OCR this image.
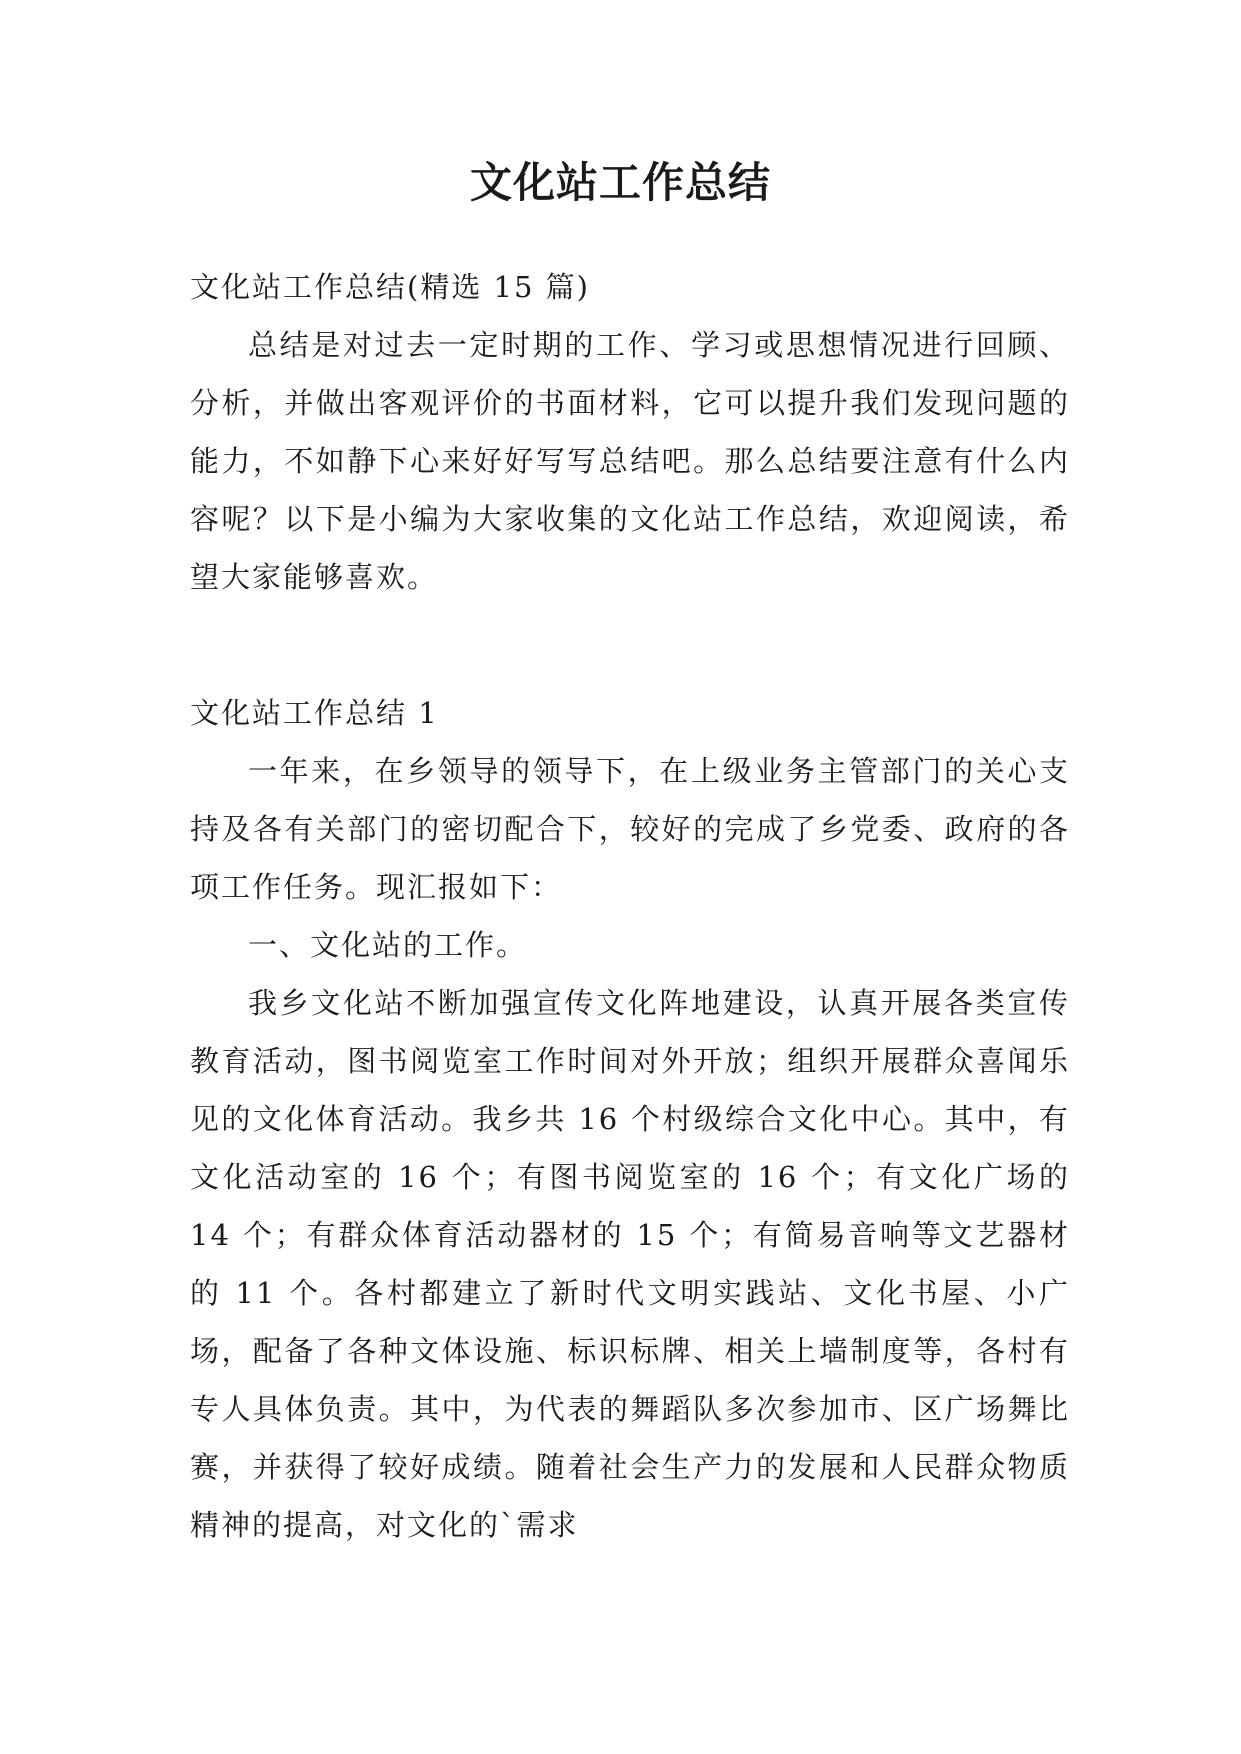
文化站工作总结

文化站工作总结(精选 15 篇)

总结是对过去一定时期的工作、学习或思想情况进行回顾、分析，并做出客观评价的书面材料，它可以提升我们发现问题的能力，不如静下心来好好写写总结吧。那么总结要注意有什么内容呢？以下是小编为大家收集的文化站工作总结，欢迎阅读，希望大家能够喜欢。

文化站工作总结 1

一年来，在乡领导的领导下，在上级业务主管部门的关心支持及各有关部门的密切配合下，较好的完成了乡党委、政府的各项工作任务。现汇报如下：

一、文化站的工作。

我乡文化站不断加强宣传文化阵地建设，认真开展各类宣传教育活动，图书阅览室工作时间对外开放；组织开展群众喜闻乐见的文化体育活动。我乡共 16 个村级综合文化中心。其中，有文化活动室的 16 个；有图书阅览室的 16 个；有文化广场的 14 个；有群众体育活动器材的 15 个；有简易音响等文艺器材的 11 个。各村都建立了新时代文明实践站、文化书屋、小广场，配备了各种文体设施、标识标牌、相关上墙制度等，各村有专人具体负责。其中，为代表的舞蹈队多次参加市、区广场舞比赛，并获得了较好成绩。随着社会生产力的发展和人民群众物质精神的提高，对文化的`需求
